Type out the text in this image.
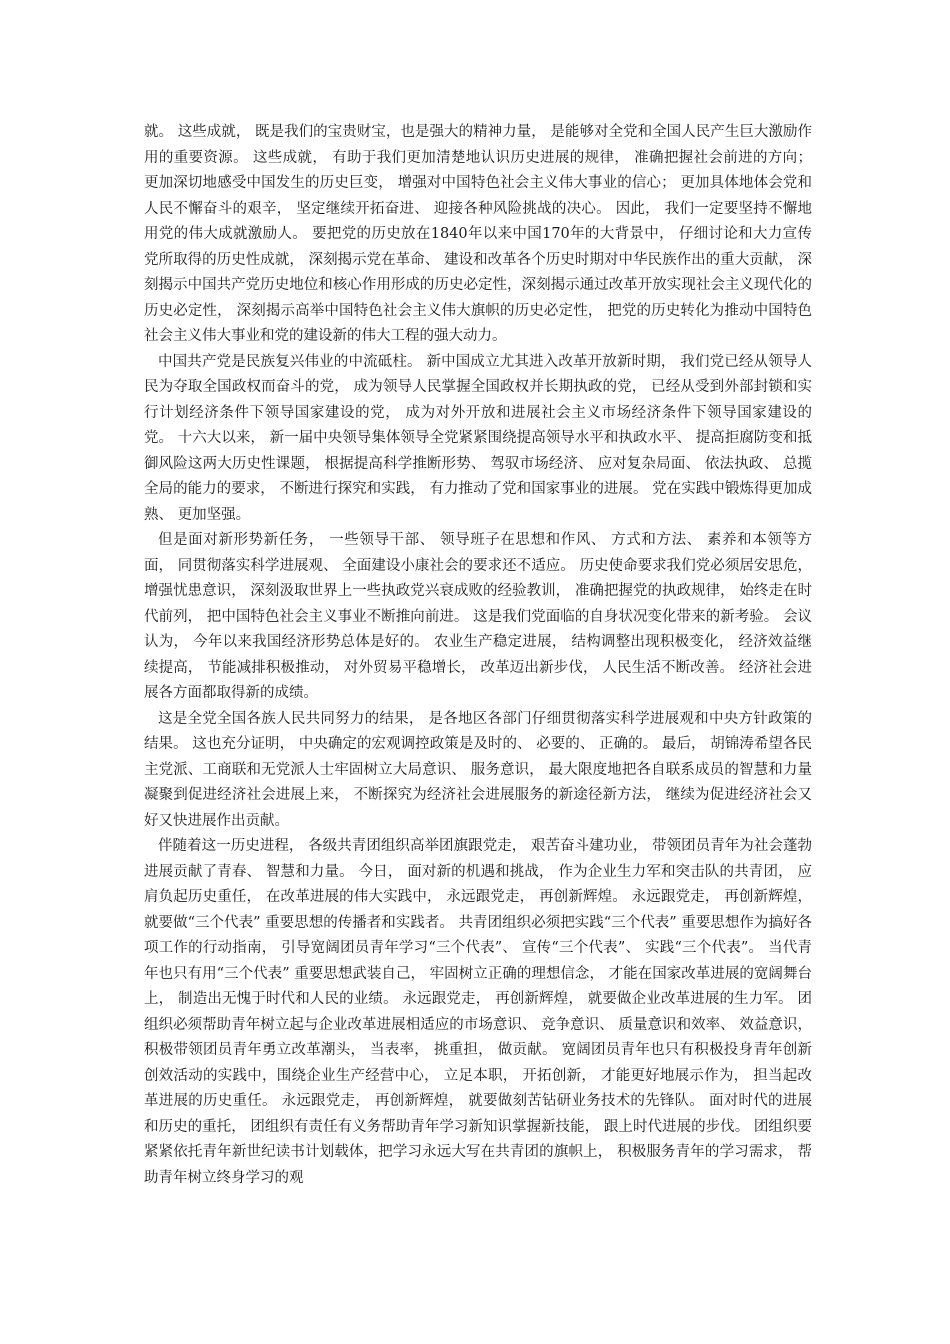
就。 这些成就， 既是我们的宝贵财宝，也是强大的精神力量， 是能够对全党和全国人民产生巨大激励作用的重要资源。 这些成就， 有助于我们更加清楚地认识历史进展的规律， 准确把握社会前进的方向； 更加深切地感受中国发生的历史巨变， 增强对中国特色社会主义伟大事业的信心； 更加具体地体会党和人民不懈奋斗的艰辛， 坚定继续开拓奋进、 迎接各种风险挑战的决心。 因此， 我们一定要坚持不懈地用党的伟大成就激励人。 要把党的历史放在1840年以来中国170年的大背景中， 仔细讨论和大力宣传党所取得的历史性成就， 深刻揭示党在革命、 建设和改革各个历史时期对中华民族作出的重大贡献， 深刻揭示中国共产党历史地位和核心作用形成的历史必定性，深刻揭示通过改革开放实现社会主义现代化的历史必定性， 深刻揭示高举中国特色社会主义伟大旗帜的历史必定性， 把党的历史转化为推动中国特色社会主义伟大事业和党的建设新的伟大工程的强大动力。

中国共产党是民族复兴伟业的中流砥柱。 新中国成立尤其进入改革开放新时期， 我们党已经从领导人民为夺取全国政权而奋斗的党， 成为领导人民掌握全国政权并长期执政的党， 已经从受到外部封锁和实行计划经济条件下领导国家建设的党， 成为对外开放和进展社会主义市场经济条件下领导国家建设的党。 十六大以来， 新一届中央领导集体领导全党紧紧围绕提高领导水平和执政水平、 提高拒腐防变和抵御风险这两大历史性课题， 根据提高科学推断形势、 驾驭市场经济、 应对复杂局面、 依法执政、 总揽全局的能力的要求， 不断进行探究和实践， 有力推动了党和国家事业的进展。 党在实践中锻炼得更加成熟、 更加坚强。

但是面对新形势新任务， 一些领导干部、 领导班子在思想和作风、 方式和方法、 素养和本领等方面， 同贯彻落实科学进展观、 全面建设小康社会的要求还不适应。 历史使命要求我们党必须居安思危， 增强忧患意识， 深刻汲取世界上一些执政党兴衰成败的经验教训， 准确把握党的执政规律， 始终走在时代前列， 把中国特色社会主义事业不断推向前进。 这是我们党面临的自身状况变化带来的新考验。 会议认为， 今年以来我国经济形势总体是好的。 农业生产稳定进展， 结构调整出现积极变化， 经济效益继续提高， 节能减排积极推动， 对外贸易平稳增长， 改革迈出新步伐， 人民生活不断改善。 经济社会进展各方面都取得新的成绩。

这是全党全国各族人民共同努力的结果， 是各地区各部门仔细贯彻落实科学进展观和中央方针政策的结果。 这也充分证明， 中央确定的宏观调控政策是及时的、 必要的、 正确的。 最后， 胡锦涛希望各民主党派、工商联和无党派人士牢固树立大局意识、 服务意识， 最大限度地把各自联系成员的智慧和力量凝聚到促进经济社会进展上来， 不断探究为经济社会进展服务的新途径新方法， 继续为促进经济社会又好又快进展作出贡献。

伴随着这一历史进程， 各级共青团组织高举团旗跟党走， 艰苦奋斗建功业， 带领团员青年为社会蓬勃进展贡献了青春、 智慧和力量。 今日， 面对新的机遇和挑战， 作为企业生力军和突击队的共青团， 应肩负起历史重任， 在改革进展的伟大实践中， 永远跟党走， 再创新辉煌。 永远跟党走， 再创新辉煌， 就要做“三个代表” 重要思想的传播者和实践者。 共青团组织必须把实践“三个代表” 重要思想作为搞好各项工作的行动指南， 引导宽阔团员青年学习“三个代表”、 宣传“三个代表”、 实践“三个代表”。 当代青年也只有用“三个代表” 重要思想武装自己， 牢固树立正确的理想信念， 才能在国家改革进展的宽阔舞台上， 制造出无愧于时代和人民的业绩。 永远跟党走， 再创新辉煌， 就要做企业改革进展的生力军。 团组织必须帮助青年树立起与企业改革进展相适应的市场意识、 竞争意识、 质量意识和效率、 效益意识， 积极带领团员青年勇立改革潮头， 当表率， 挑重担， 做贡献。 宽阔团员青年也只有积极投身青年创新创效活动的实践中，围绕企业生产经营中心， 立足本职， 开拓创新， 才能更好地展示作为， 担当起改革进展的历史重任。 永远跟党走， 再创新辉煌， 就要做刻苦钻研业务技术的先锋队。 面对时代的进展和历史的重托， 团组织有责任有义务帮助青年学习新知识掌握新技能， 跟上时代进展的步伐。 团组织要紧紧依托青年新世纪读书计划载体，把学习永远大写在共青团的旗帜上， 积极服务青年的学习需求， 帮助青年树立终身学习的观
